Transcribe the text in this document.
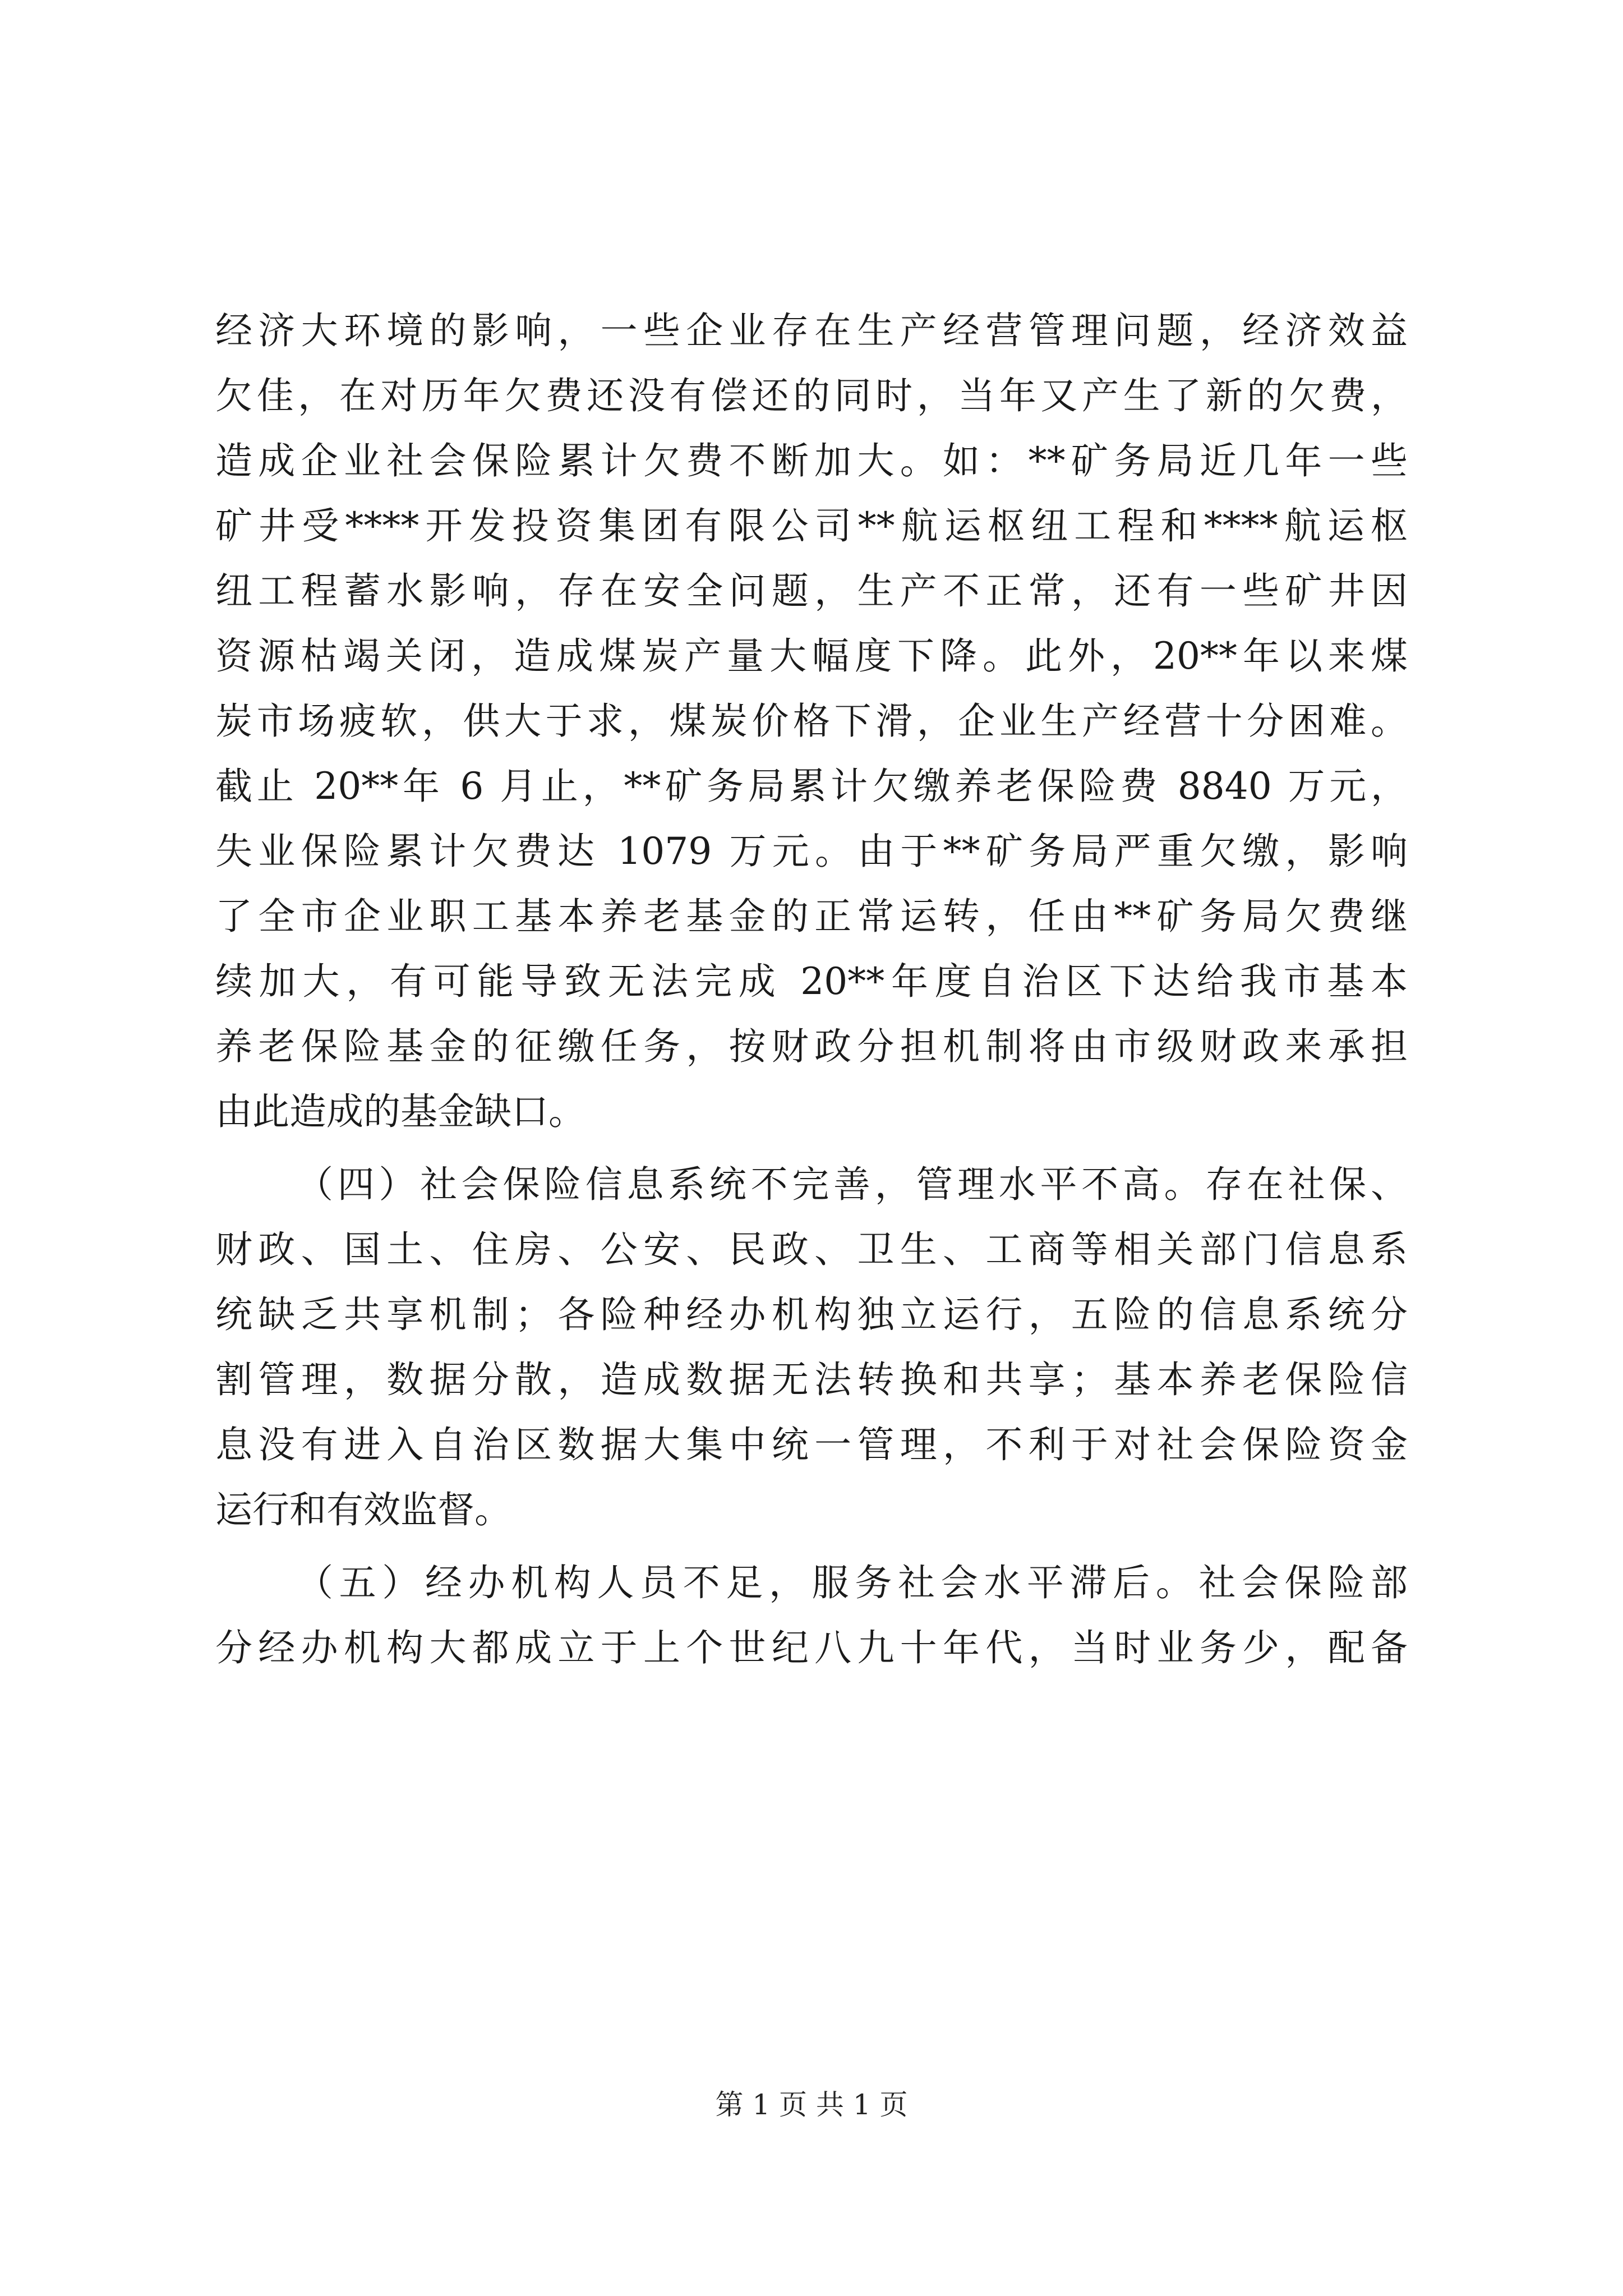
经济大环境的影响，一些企业存在生产经营管理问题，经济效益
欠佳，在对历年欠费还没有偿还的同时，当年又产生了新的欠费，
造成企业社会保险累计欠费不断加大。如：**矿务局近几年一些
矿井受****开发投资集团有限公司**航运枢纽工程和****航运枢
纽工程蓄水影响，存在安全问题，生产不正常，还有一些矿井因
资源枯竭关闭，造成煤炭产量大幅度下降。此外，20**年以来煤
炭市场疲软，供大于求，煤炭价格下滑，企业生产经营十分困难。
截止 20**年 6 月止，**矿务局累计欠缴养老保险费 8840 万元，
失业保险累计欠费达 1079 万元。由于**矿务局严重欠缴，影响
了全市企业职工基本养老基金的正常运转，任由**矿务局欠费继
续加大，有可能导致无法完成 20**年度自治区下达给我市基本
养老保险基金的征缴任务，按财政分担机制将由市级财政来承担
由此造成的基金缺口。
（四）社会保险信息系统不完善，管理水平不高。存在社保、
财政、国土、住房、公安、民政、卫生、工商等相关部门信息系
统缺乏共享机制；各险种经办机构独立运行，五险的信息系统分
割管理，数据分散，造成数据无法转换和共享；基本养老保险信
息没有进入自治区数据大集中统一管理，不利于对社会保险资金
运行和有效监督。
（五）经办机构人员不足，服务社会水平滞后。社会保险部
分经办机构大都成立于上个世纪八九十年代，当时业务少，配备
第 1 页 共 1 页
